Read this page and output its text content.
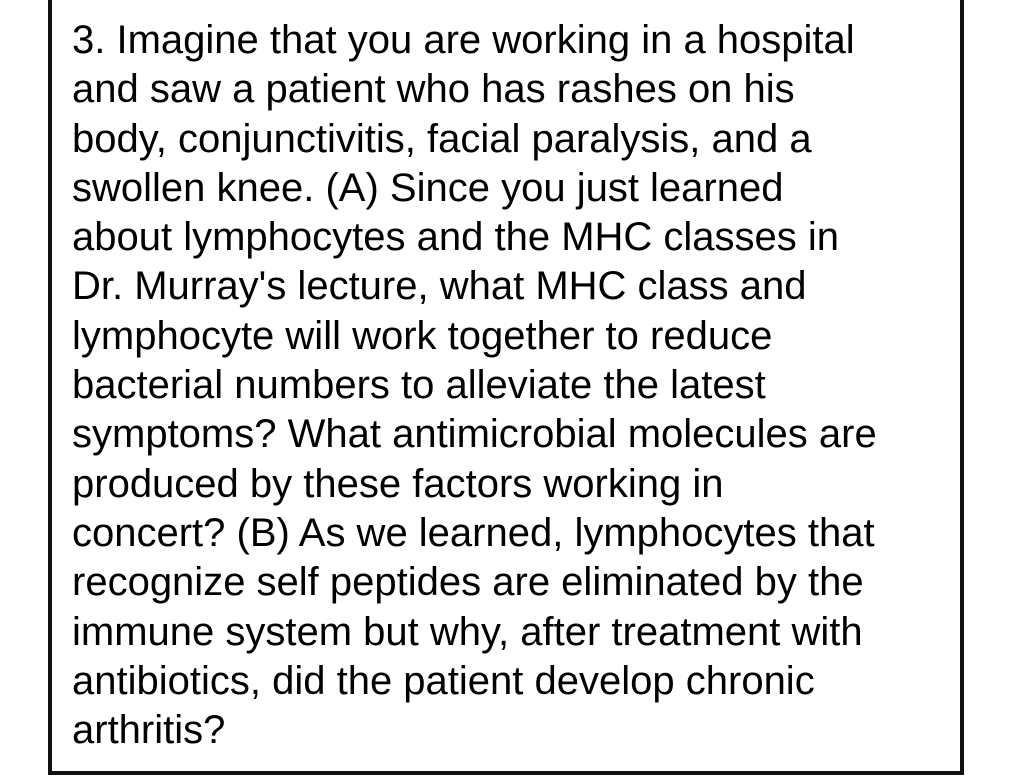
3. Imagine that you are working in a hospital
and saw a patient who has rashes on his
body, conjunctivitis, facial paralysis, and a
swollen knee. (A) Since you just learned
about lymphocytes and the MHC classes in
Dr. Murray's lecture, what MHC class and
lymphocyte will work together to reduce
bacterial numbers to alleviate the latest
symptoms? What antimicrobial molecules are
produced by these factors working in
concert? (B) As we learned, lymphocytes that
recognize self peptides are eliminated by the
immune system but why, after treatment with
antibiotics, did the patient develop chronic
arthritis?
